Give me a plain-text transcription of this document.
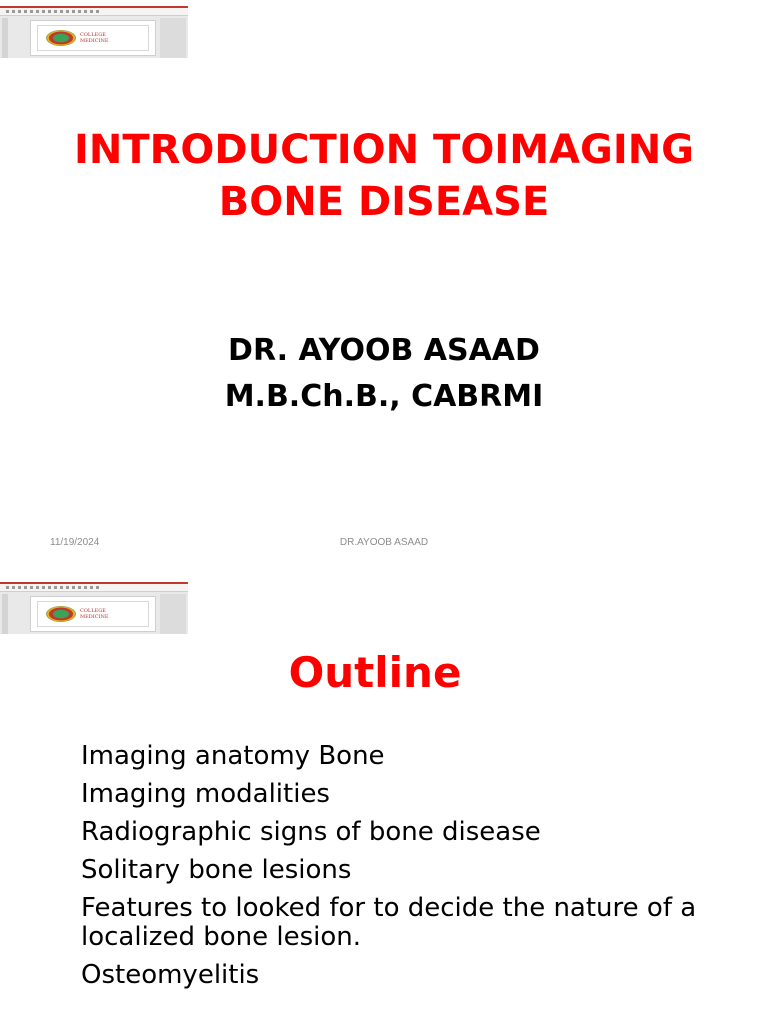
COLLEGE
MEDICINE
INTRODUCTION TOIMAGING
BONE DISEASE
DR. AYOOB ASAAD
M.B.Ch.B., CABRMI
11/19/2024	DR.AYOOB ASAAD
COLLEGE
MEDICINE
Outline
Imaging anatomy Bone
Imaging modalities
Radiographic signs of bone disease
Solitary bone lesions
Features to looked for to decide the nature of a localized bone lesion.
Osteomyelitis
